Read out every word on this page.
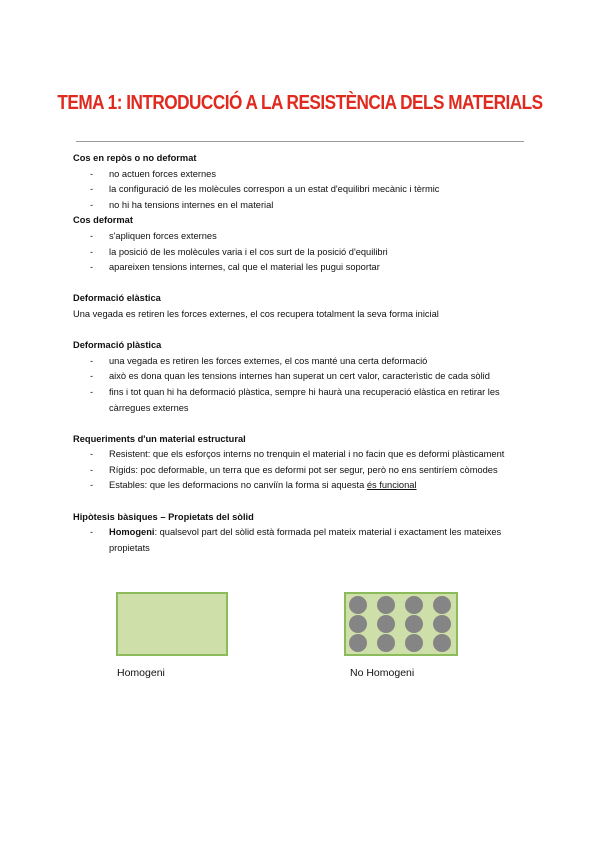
TEMA 1: INTRODUCCIÓ A LA RESISTÈNCIA DELS MATERIALS

Cos en repòs o no deformat

- no actuen forces externes
- la configuració de les molècules correspon a un estat d'equilibri mecànic i tèrmic
- no hi ha tensions internes en el material

Cos deformat

- s'apliquen forces externes
- la posició de les molècules varia i el cos surt de la posició d'equilibri
- apareixen tensions internes, cal que el material les pugui soportar

Deformació elàstica

Una vegada es retiren les forces externes, el cos recupera totalment la seva forma inicial

Deformació plàstica

- una vegada es retiren les forces externes, el cos manté una certa deformació
- això es dona quan les tensions internes han superat un cert valor, caracterìstic de cada sòlid
- fins i tot quan hi ha deformació plàstica, sempre hi haurà una recuperació elàstica en retirar les càrregues externes

Requeriments d'un material estructural

- Resistent: que els esforços interns no trenquin el material i no facin que es deformi plàsticament
- Rígids: poc deformable, un terra que es deformi pot ser segur, però no ens sentiríem còmodes
- Estables: que les deformacions no canviïn la forma si aquesta és funcional

Hipòtesis bàsiques – Propietats del sòlid

- Homogeni: qualsevol part del sòlid està formada pel mateix material i exactament les mateixes propietats
Homogeni	No Homogeni
